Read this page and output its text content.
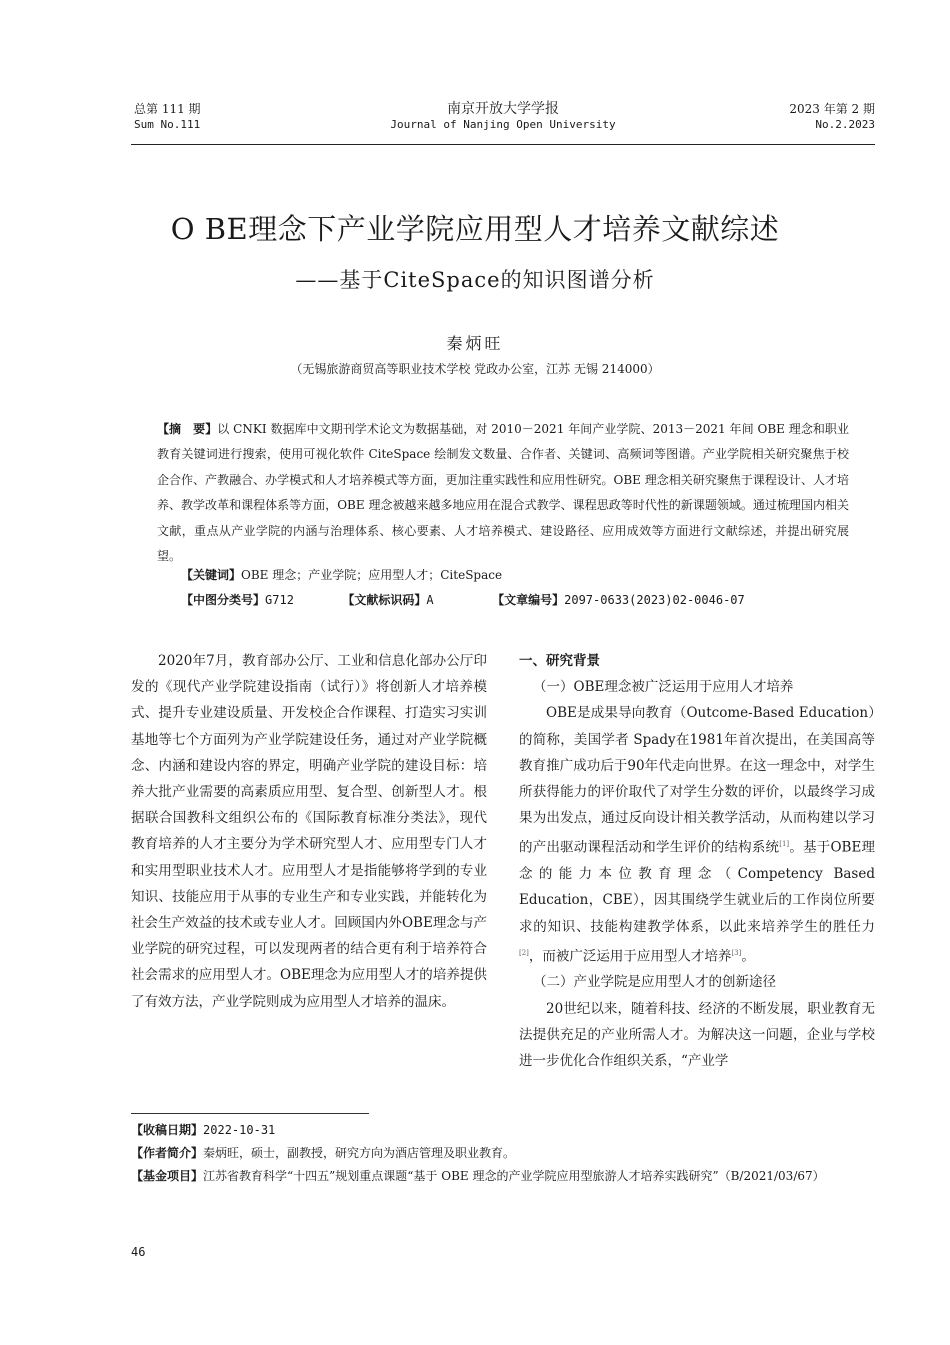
总第 111 期
Sum No.111
南京开放大学学报
Journal of Nanjing Open University
2023 年第 2 期
No.2.2023
O BE理念下产业学院应用型人才培养文献综述
——基于CiteSpace的知识图谱分析
秦炳旺
（无锡旅游商贸高等职业技术学校 党政办公室，江苏 无锡 214000）
【摘　要】以 CNKI 数据库中文期刊学术论文为数据基础，对 2010－2021 年间产业学院、2013－2021 年间 OBE 理念和职业教育关键词进行搜索，使用可视化软件 CiteSpace 绘制发文数量、合作者、关键词、高频词等图谱。产业学院相关研究聚焦于校企合作、产教融合、办学模式和人才培养模式等方面，更加注重实践性和应用性研究。OBE 理念相关研究聚焦于课程设计、人才培养、教学改革和课程体系等方面，OBE 理念被越来越多地应用在混合式教学、课程思政等时代性的新课题领域。通过梳理国内相关文献，重点从产业学院的内涵与治理体系、核心要素、人才培养模式、建设路径、应用成效等方面进行文献综述，并提出研究展望。
【关键词】OBE 理念；产业学院；应用型人才；CiteSpace
【中图分类号】G712	【文献标识码】A	【文章编号】2097-0633(2023)02-0046-07
2020年7月，教育部办公厅、工业和信息化部办公厅印发的《现代产业学院建设指南（试行）》将创新人才培养模式、提升专业建设质量、开发校企合作课程、打造实习实训基地等七个方面列为产业学院建设任务，通过对产业学院概念、内涵和建设内容的界定，明确产业学院的建设目标：培养大批产业需要的高素质应用型、复合型、创新型人才。根据联合国教科文组织公布的《国际教育标准分类法》，现代教育培养的人才主要分为学术研究型人才、应用型专门人才和实用型职业技术人才。应用型人才是指能够将学到的专业知识、技能应用于从事的专业生产和专业实践，并能转化为社会生产效益的技术或专业人才。回顾国内外OBE理念与产业学院的研究过程，可以发现两者的结合更有利于培养符合社会需求的应用型人才。OBE理念为应用型人才的培养提供了有效方法，产业学院则成为应用型人才培养的温床。

一、研究背景

（一）OBE理念被广泛运用于应用人才培养

OBE是成果导向教育（Outcome-Based Education）的简称，美国学者 Spady在1981年首次提出，在美国高等教育推广成功后于90年代走向世界。在这一理念中，对学生所获得能力的评价取代了对学生分数的评价，以最终学习成果为出发点，通过反向设计相关教学活动，从而构建以学习的产出驱动课程活动和学生评价的结构系统[1]。基于OBE理念的能力本位教育理念（Competency Based Education，CBE），因其围绕学生就业后的工作岗位所要求的知识、技能构建教学体系，以此来培养学生的胜任力[2]，而被广泛运用于应用型人才培养[3]。

（二）产业学院是应用型人才的创新途径

20世纪以来，随着科技、经济的不断发展，职业教育无法提供充足的产业所需人才。为解决这一问题，企业与学校进一步优化合作组织关系，“产业学

【收稿日期】2022-10-31
【作者简介】秦炳旺，硕士，副教授，研究方向为酒店管理及职业教育。
【基金项目】江苏省教育科学“十四五”规划重点课题“基于 OBE 理念的产业学院应用型旅游人才培养实践研究”（B/2021/03/67）
46
